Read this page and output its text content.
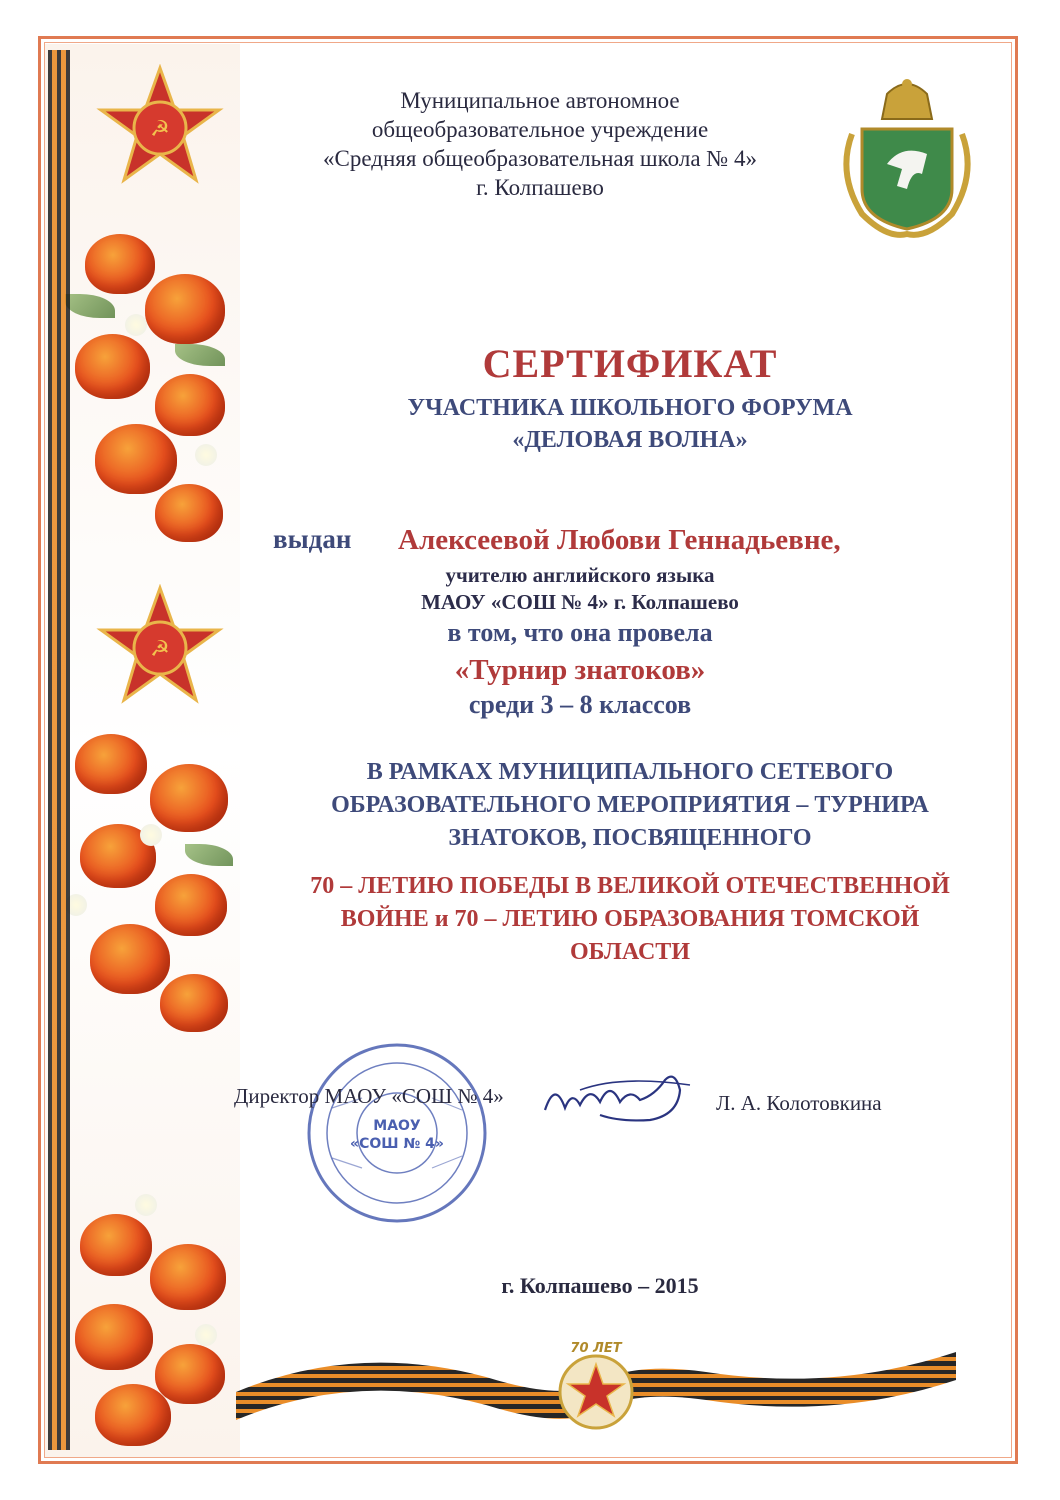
☭
☭
Муниципальное автономное
общеобразовательное учреждение
«Средняя общеобразовательная школа № 4»
г. Колпашево
СЕРТИФИКАТ
УЧАСТНИКА ШКОЛЬНОГО ФОРУМА
«ДЕЛОВАЯ ВОЛНА»
выдан Алексеевой Любови Геннадьевне,
учителю английского языка
МАОУ «СОШ № 4» г. Колпашево
в том, что она провела
«Турнир знатоков»
среди 3 – 8 классов
В РАМКАХ МУНИЦИПАЛЬНОГО СЕТЕВОГО
ОБРАЗОВАТЕЛЬНОГО МЕРОПРИЯТИЯ – ТУРНИРА
ЗНАТОКОВ, ПОСВЯЩЕННОГО
70 – ЛЕТИЮ ПОБЕДЫ В ВЕЛИКОЙ ОТЕЧЕСТВЕННОЙ
ВОЙНЕ и 70 – ЛЕТИЮ ОБРАЗОВАНИЯ ТОМСКОЙ
ОБЛАСТИ
МАОУ
«СОШ № 4»
Директор МАОУ «СОШ № 4»	Л. А. Колотовкина
г. Колпашево – 2015
70 ЛЕТ
